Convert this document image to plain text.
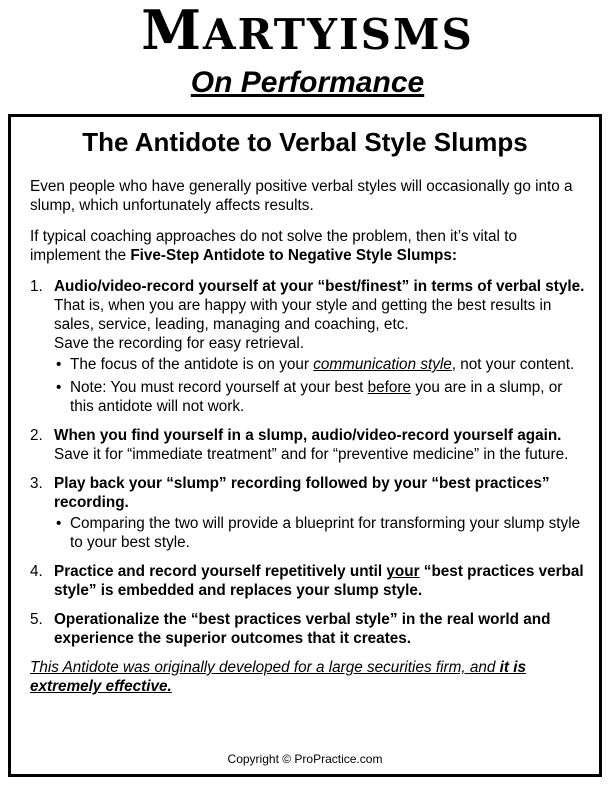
MARTYISMS
On Performance
The Antidote to Verbal Style Slumps

Even people who have generally positive verbal styles will occasionally go into a slump, which unfortunately affects results.

If typical coaching approaches do not solve the problem, then it’s vital to implement the Five-Step Antidote to Negative Style Slumps:

1. Audio/video-record yourself at your “best/finest” in terms of verbal style. That is, when you are happy with your style and getting the best results in sales, service, leading, managing and coaching, etc.
Save the recording for easy retrieval.
• The focus of the antidote is on your communication style, not your content.
• Note: You must record yourself at your best before you are in a slump, or this antidote will not work.
2. When you find yourself in a slump, audio/video-record yourself again. Save it for “immediate treatment” and for “preventive medicine” in the future.
3. Play back your “slump” recording followed by your “best practices” recording.
• Comparing the two will provide a blueprint for transforming your slump style to your best style.
4. Practice and record yourself repetitively until your “best practices verbal style” is embedded and replaces your slump style.
5. Operationalize the “best practices verbal style” in the real world and experience the superior outcomes that it creates.

This Antidote was originally developed for a large securities firm, and it is extremely effective.

Copyright © ProPractice.com
